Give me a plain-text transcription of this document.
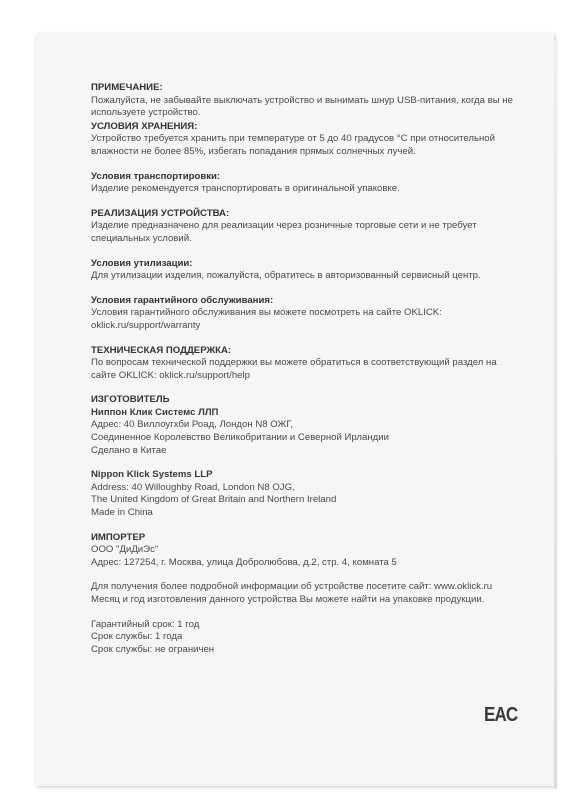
ПРИМЕЧАНИЕ:

Пожалуйста, не забывайте выключать устройство и вынимать шнур USB-питания, когда вы не

используете устройство.

УСЛОВИЯ ХРАНЕНИЯ:

Устройство требуется хранить при температуре от 5 до 40 градусов °С при относительной

влажности не более 85%, избегать попадания прямых солнечных лучей.

Условия транспортировки:

Изделие рекомендуется транспортировать в оригинальной упаковке.

РЕАЛИЗАЦИЯ УСТРОЙСТВА:

Изделие предназначено для реализации через розничные торговые сети и не требует

специальных условий.

Условия утилизации:

Для утилизации изделия, пожалуйста, обратитесь в авторизованный сервисный центр.

Условия гарантийного обслуживания:

Условия гарантийного обслуживания вы можете посмотреть на сайте OKLICK:

oklick.ru/support/warranty

ТЕХНИЧЕСКАЯ ПОДДЕРЖКА:

По вопросам технической поддержки вы можете обратиться в соответствующий раздел на

сайте OKLICK: oklick.ru/support/help

ИЗГОТОВИТЕЛЬ

Ниппон Клик Системс ЛЛП

Адрес: 40 Виллоугхби Роад, Лондон N8 ОЖГ,

Соединенное Королевство Великобритании и Северной Ирландии

Сделано в Китае

Nippon Klick Systems LLP

Address: 40 Willoughby Road, London N8 OJG,

The United Kingdom of Great Britain and Northern Ireland

Made in China

ИМПОРТЕР

ООО "ДиДиЭс"

Адрес: 127254, г. Москва, улица Добролюбова, д.2, стр. 4, комната 5

Для получения более подробной информации об устройстве посетите сайт: www.oklick.ru

Месяц и год изготовления данного устройства Вы можете найти на упаковке продукции.

Гарантийный срок: 1 год

Срок службы: 1 года

Срок службы: не ограничен

EAC
